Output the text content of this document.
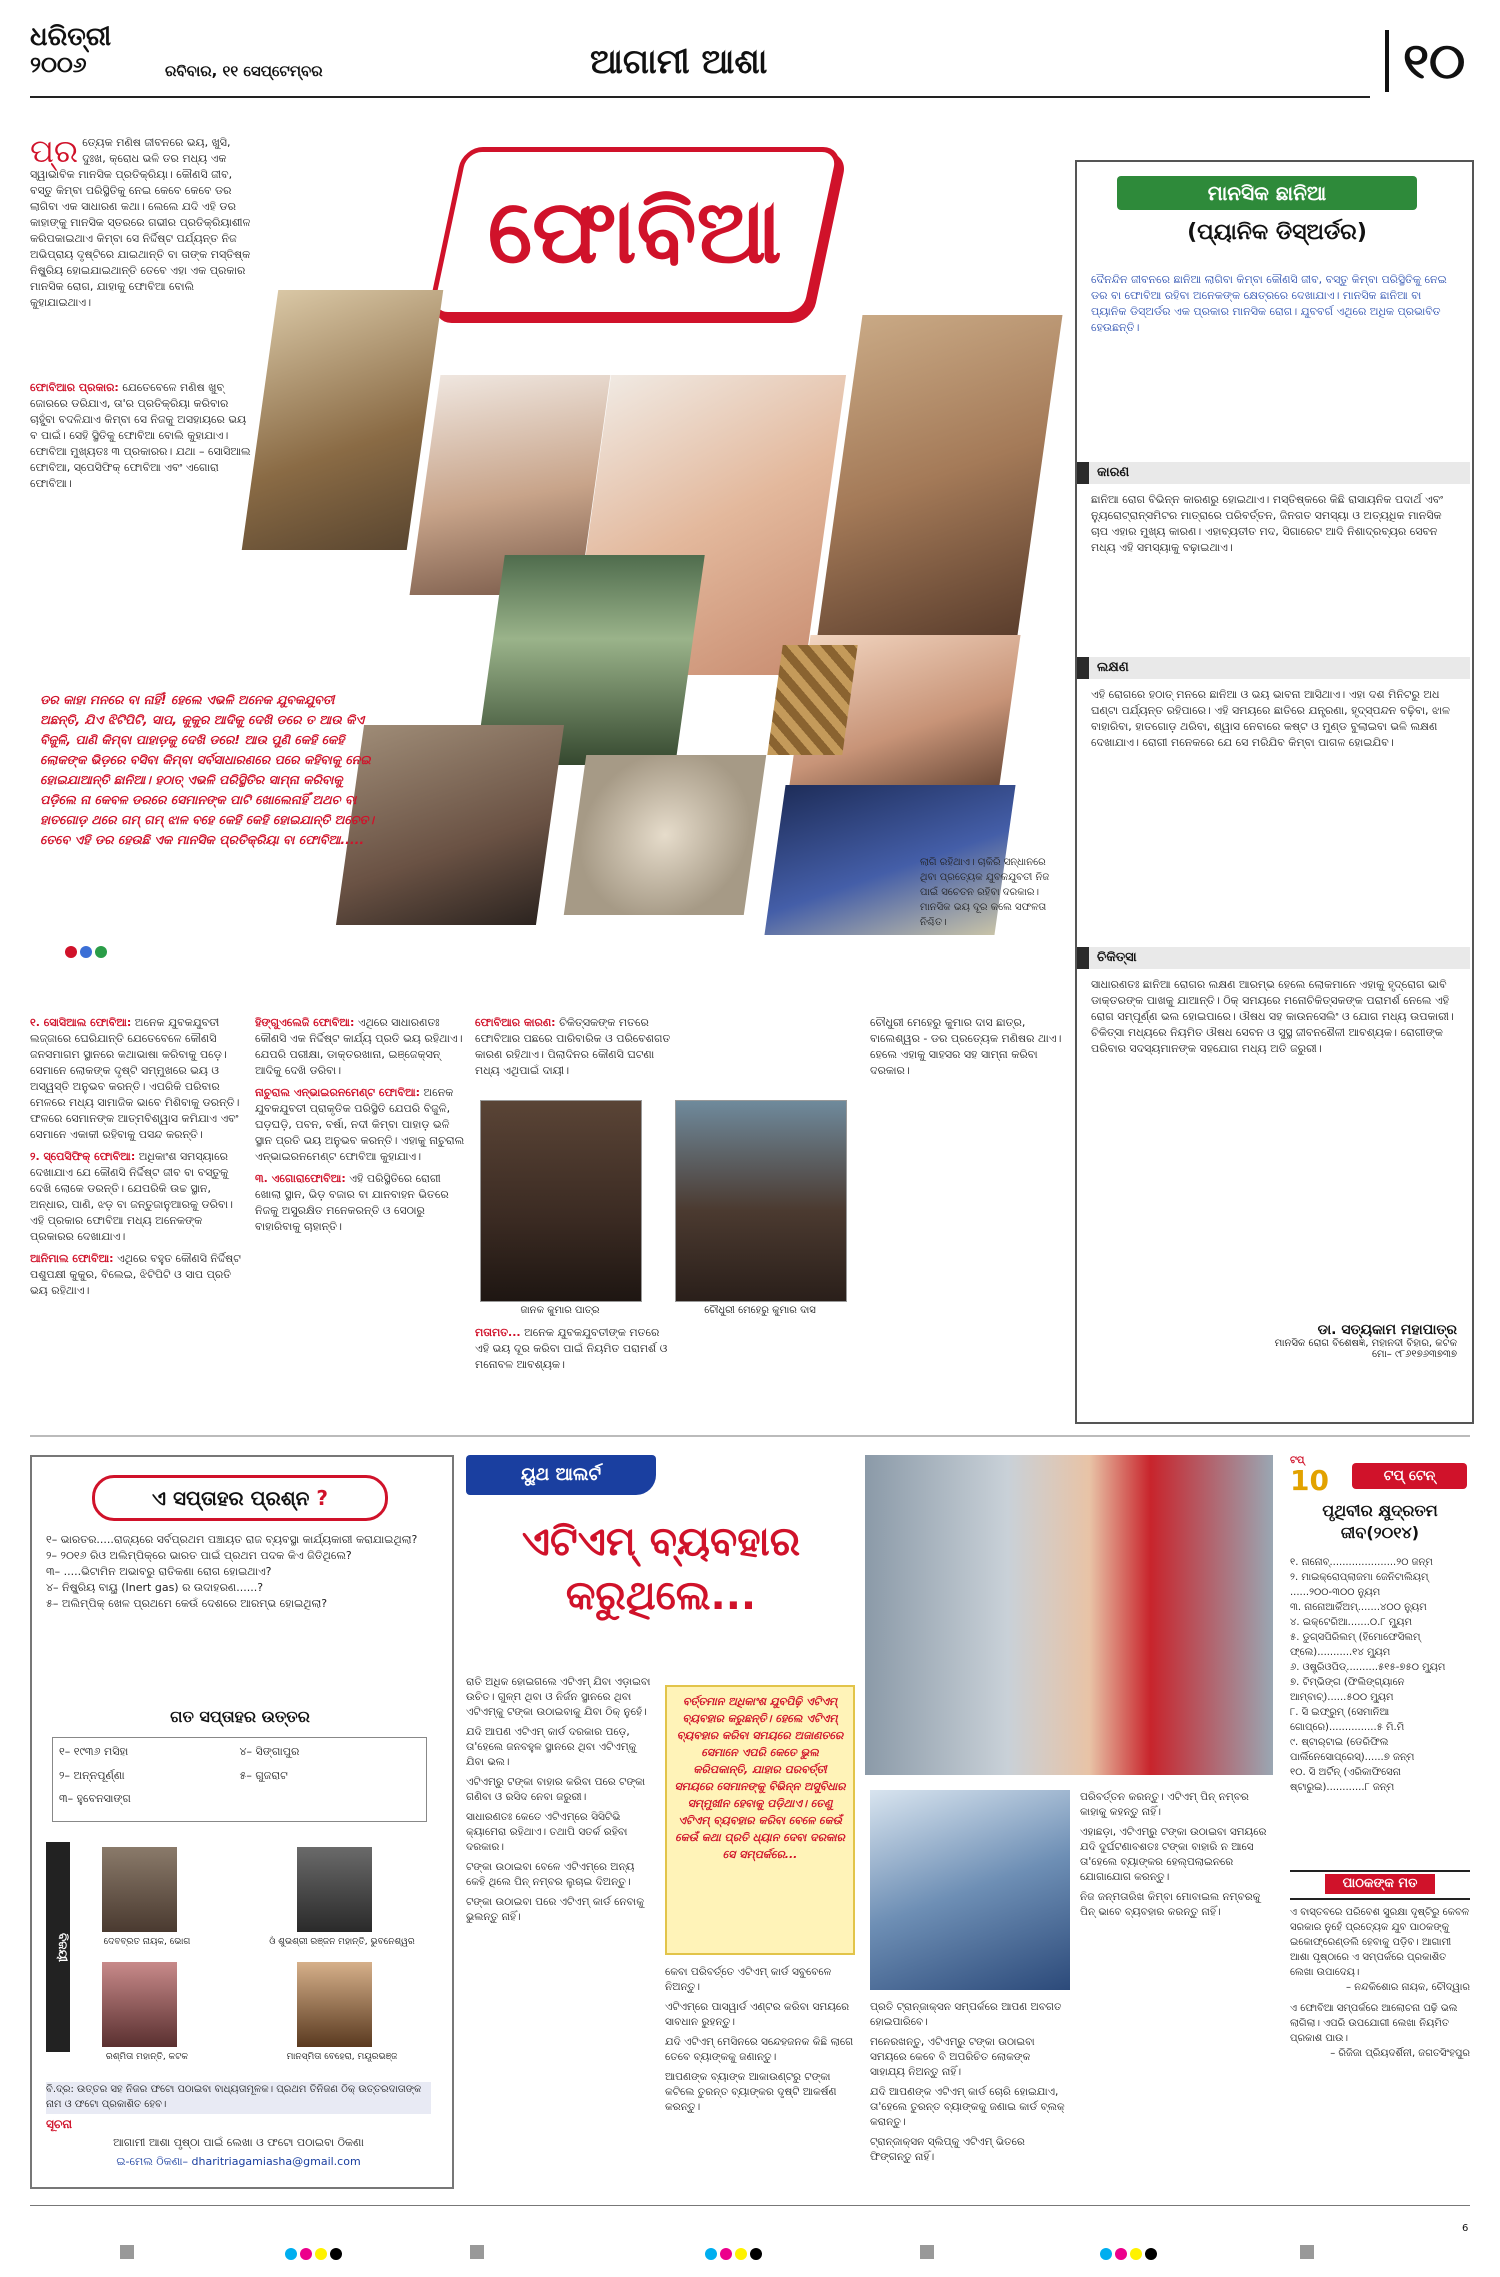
ଧରିତ୍ରୀ
୨୦୦୬	ରବିବାର, ୧୧ ସେପ୍ଟେମ୍ବର	ଆଗାମୀ ଆଶା	୧୦
ପ୍ର ତ୍ୟେକ ମଣିଷ ଜୀବନରେ ଭୟ, ଖୁସି, ଦୁଃଖ, କ୍ରୋଧ ଭଳି ତର ମଧ୍ୟ ଏକ ସ୍ୱାଭାବିକ ମାନସିକ ପ୍ରତିକ୍ରିୟା। କୌଣସି ଜୀବ, ବସ୍ତୁ କିମ୍ବା ପରିସ୍ଥିତିକୁ ନେଇ କେବେ କେବେ ଡର ଲାଗିବା ଏକ ସାଧାରଣ କଥା। ଲେଲେ ଯଦି ଏହି ଡର କାହାଙ୍କୁ ମାନସିକ ସ୍ତରରେ ଗଭୀର ପ୍ରତିକ୍ରିୟାଶୀଳ କରିପକାଇଥାଏ କିମ୍ବା ସେ ନିର୍ଦ୍ଦିଷ୍ଟ ପର୍ଯ୍ୟନ୍ତ ନିଜ ଅଭିପ୍ରାୟ ଦୃଷ୍ଟିରେ ଯାଇଥାନ୍ତି ବା ତାଙ୍କ ମସ୍ତିଷ୍କ ନିଷ୍କ୍ରିୟ ହୋଇଯାଇଥାନ୍ତି ତେବେ ଏହା ଏକ ପ୍ରକାର ମାନସିକ ରୋଗ, ଯାହାକୁ ଫୋବିଆ ବୋଲି କୁହାଯାଇଥାଏ।
ଫୋବିଆର ପ୍ରକାର: ଯେତେବେଳେ ମଣିଷ ଖୁବ୍ ଜୋରରେ ଡରିଯାଏ, ତା'ର ପ୍ରତିକ୍ରିୟା କରିବାର ଚାହୁଁବା ବଦଳିଯାଏ କିମ୍ବା ସେ ନିଜକୁ ଅସହାୟରେ ଭୟ ବ ପାଇଁ। ସେହି ସ୍ଥିତିକୁ ଫୋବିଆ ବୋଲି କୁହାଯାଏ। ଫୋବିଆ ମୁଖ୍ୟତଃ ୩ ପ୍ରକାରର। ଯଥା – ସୋସିଆଲ ଫୋବିଆ, ସ୍ପେସିଫିକ୍ ଫୋବିଆ ଏବଂ ଏଗୋରା ଫୋବିଆ।
ଫୋବିଆ
ଡର କାହା ମନରେ ବା ନାହିଁ! ହେଲେ ଏଭଳି ଅନେକ ଯୁବକଯୁବତୀ ଅଛନ୍ତି, ଯିଏ ଝିଟିପିଟି, ସାପ, କୁକୁର ଆଦିକୁ ଦେଖି ଡରେ ତ ଆଉ କିଏ ବିଜୁଳି, ପାଣି କିମ୍ବା ପାହାଡ଼କୁ ଦେଖି ଡରେ! ଆଉ ପୁଣି କେହି କେହି ଲୋକଙ୍କ ଭିଡ଼ରେ ବସିବା କିମ୍ବା ସର୍ବସାଧାରଣରେ ପରେ କହିବାକୁ ନେଇ ହୋଇଯାଆନ୍ତି ଛାନିଆ। ହଠାତ୍ ଏଭଳି ପରିସ୍ଥିତିର ସାମ୍ନା କରିବାକୁ ପଡ଼ିଲେ ନା କେବଳ ଡରରେ ସେମାନଙ୍କ ପାଟି ଖୋଲେନାହିଁ ଅଥଚ ବା ହାତଗୋଡ଼ ଥରେ ଗମ୍ ଗମ୍ ଝାଳ ବହେ କେହି କେହି ହୋଇଯାନ୍ତି ଅଚେତ। ତେବେ ଏହି ଡର ହେଉଛି ଏକ ମାନସିକ ପ୍ରତିକ୍ରିୟା ବା ଫୋବିଆ.....
ଲାଗି ରହିଥାଏ। ଚାକିରି ସନ୍ଧାନରେ ଥିବା ପ୍ରତ୍ୟେକ ଯୁବକଯୁବତୀ ନିଜ ପାଇଁ ସଚେତନ ରହିବା ଦରକାର। ମାନସିକ ଭୟ ଦୂର କଲେ ସଫଳତା ନିଶ୍ଚିତ।
୧. ସୋସିଆଲ ଫୋବିଆ: ଅନେକ ଯୁବକଯୁବତୀ ଲଜ୍ଜାରେ ଘେରିଯାନ୍ତି ଯେତେବେଳେ କୌଣସି ଜନସମାଗମ ସ୍ଥାନରେ କଥାଭାଷା କରିବାକୁ ପଡ଼େ। ସେମାନେ ଲୋକଙ୍କ ଦୃଷ୍ଟି ସମ୍ମୁଖରେ ଭୟ ଓ ଅସ୍ୱସ୍ତି ଅନୁଭବ କରନ୍ତି। ଏପରିକି ପରିବାର ମେଳରେ ମଧ୍ୟ ସାମାଜିକ ଭାବେ ମିଶିବାକୁ ଡରନ୍ତି। ଫଳରେ ସେମାନଙ୍କ ଆତ୍ମବିଶ୍ୱାସ କମିଯାଏ ଏବଂ ସେମାନେ ଏକାକୀ ରହିବାକୁ ପସନ୍ଦ କରନ୍ତି।
୨. ସ୍ପେସିଫିକ୍ ଫୋବିଆ: ଅଧିକାଂଶ ସମସ୍ୟାରେ ଦେଖାଯାଏ ଯେ କୌଣସି ନିର୍ଦ୍ଦିଷ୍ଟ ଜୀବ ବା ବସ୍ତୁକୁ ଦେଖି ଲୋକେ ଡରନ୍ତି। ଯେପରିକି ଉଚ୍ଚ ସ୍ଥାନ, ଅନ୍ଧାର, ପାଣି, ଝଡ଼ ବା ଜନ୍ତୁଜାନୁଆରକୁ ଡରିବା। ଏହି ପ୍ରକାର ଫୋବିଆ ମଧ୍ୟ ଅନେକଙ୍କ ପ୍ରକାରର ଦେଖାଯାଏ।
ଆନିମାଲ ଫୋବିଆ: ଏଥିରେ ବହୁତ କୌଣସି ନିର୍ଦ୍ଦିଷ୍ଟ ପଶୁପକ୍ଷୀ କୁକୁର, ବିଲେଇ, ଝିଟିପିଟି ଓ ସାପ ପ୍ରତି ଭୟ ରହିଥାଏ।
ହିଙ୍ଗୁଏଲେଜି ଫୋବିଆ: ଏଥିରେ ସାଧାରଣତଃ କୌଣସି ଏକ ନିର୍ଦ୍ଦିଷ୍ଟ କାର୍ଯ୍ୟ ପ୍ରତି ଭୟ ରହିଥାଏ। ଯେପରି ପରୀକ୍ଷା, ଡାକ୍ତରଖାନା, ଇଞ୍ଜେକ୍ସନ୍ ଆଦିକୁ ଦେଖି ଡରିବା।
ନାଚୁରାଲ ଏନ୍‌ଭାଇରନମେଣ୍ଟ ଫୋବିଆ: ଅନେକ ଯୁବକଯୁବତୀ ପ୍ରାକୃତିକ ପରିସ୍ଥିତି ଯେପରି ବିଜୁଳି, ଘଡ଼ଘଡ଼ି, ପବନ, ବର୍ଷା, ନଦୀ କିମ୍ବା ପାହାଡ଼ ଭଳି ସ୍ଥାନ ପ୍ରତି ଭୟ ଅନୁଭବ କରନ୍ତି। ଏହାକୁ ନାଚୁରାଲ ଏନ୍‌ଭାଇରନମେଣ୍ଟ ଫୋବିଆ କୁହାଯାଏ।
୩. ଏଗୋରାଫୋବିଆ: ଏହି ପରିସ୍ଥିତିରେ ରୋଗୀ ଖୋଲା ସ୍ଥାନ, ଭିଡ଼ ବଜାର ବା ଯାନବାହନ ଭିତରେ ନିଜକୁ ଅସୁରକ୍ଷିତ ମନେକରନ୍ତି ଓ ସେଠାରୁ ବାହାରିବାକୁ ଚାହାନ୍ତି।
ଫୋବିଆର କାରଣ: ଚିକିତ୍ସକଙ୍କ ମତରେ ଫୋବିଆର ପଛରେ ପାରିବାରିକ ଓ ପରିବେଶଗତ କାରଣ ରହିଥାଏ। ପିଲାଦିନର କୌଣସି ଘଟଣା ମଧ୍ୟ ଏଥିପାଇଁ ଦାୟୀ।
ଜାନକ କୁମାର ପାତ୍ର	ଚୌଧୁରୀ ମେହେରୁ କୁମାର ଦାସ
ମତାମତ... ଅନେକ ଯୁବକଯୁବତୀଙ୍କ ମତରେ ଏହି ଭୟ ଦୂର କରିବା ପାଇଁ ନିୟମିତ ପରାମର୍ଶ ଓ ମନୋବଳ ଆବଶ୍ୟକ।
ଚୌଧୁରୀ ମେହେରୁ କୁମାର ଦାସ ଛାତ୍ର, ବାଲେଶ୍ୱର - ଡର ପ୍ରତ୍ୟେକ ମଣିଷର ଥାଏ। ହେଲେ ଏହାକୁ ସାହସର ସହ ସାମ୍ନା କରିବା ଦରକାର।
ମାନସିକ ଛାନିଆ
(ପ୍ୟାନିକ ଡିସ୍‌ଅର୍ଡର)
ଦୈନନ୍ଦିନ ଜୀବନରେ ଛାନିଆ ଲାଗିବା କିମ୍ବା କୌଣସି ଜୀବ, ବସ୍ତୁ କିମ୍ବା ପରିସ୍ଥିତିକୁ ନେଇ ଡର ବା ଫୋବିଆ ରହିବା ଅନେକଙ୍କ କ୍ଷେତ୍ରରେ ଦେଖାଯାଏ। ମାନସିକ ଛାନିଆ ବା ପ୍ୟାନିକ ଡିସ୍‌ଅର୍ଡର ଏକ ପ୍ରକାର ମାନସିକ ରୋଗ। ଯୁବବର୍ଗ ଏଥିରେ ଅଧିକ ପ୍ରଭାବିତ ହେଉଛନ୍ତି।
କାରଣ
ଛାନିଆ ରୋଗ ବିଭିନ୍ନ କାରଣରୁ ହୋଇଥାଏ। ମସ୍ତିଷ୍କରେ କିଛି ରାସାୟନିକ ପଦାର୍ଥ ଏବଂ ନ୍ୟୁରୋଟ୍ରାନ୍ସମିଟର ମାତ୍ରାରେ ପରିବର୍ତ୍ତନ, ଜିନଗତ ସମସ୍ୟା ଓ ଅତ୍ୟଧିକ ମାନସିକ ଚାପ ଏହାର ମୁଖ୍ୟ କାରଣ। ଏହାବ୍ୟତୀତ ମଦ, ସିଗାରେଟ ଆଦି ନିଶାଦ୍ରବ୍ୟର ସେବନ ମଧ୍ୟ ଏହି ସମସ୍ୟାକୁ ବଢ଼ାଇଥାଏ।
ଲକ୍ଷଣ
ଏହି ରୋଗରେ ହଠାତ୍ ମନରେ ଛାନିଆ ଓ ଭୟ ଭାବନା ଆସିଥାଏ। ଏହା ଦଶ ମିନିଟରୁ ଅଧ ଘଣ୍ଟା ପର୍ଯ୍ୟନ୍ତ ରହିପାରେ। ଏହି ସମୟରେ ଛାତିରେ ଯନ୍ତ୍ରଣା, ହୃଦ୍‌ସ୍ପନ୍ଦନ ବଢ଼ିବା, ଝାଳ ବାହାରିବା, ହାତଗୋଡ଼ ଥରିବା, ଶ୍ୱାସ ନେବାରେ କଷ୍ଟ ଓ ମୁଣ୍ଡ ବୁଲାଇବା ଭଳି ଲକ୍ଷଣ ଦେଖାଯାଏ। ରୋଗୀ ମନେକରେ ଯେ ସେ ମରିଯିବ କିମ୍ବା ପାଗଳ ହୋଇଯିବ।
ଚିକିତ୍ସା
ସାଧାରଣତଃ ଛାନିଆ ରୋଗର ଲକ୍ଷଣ ଆରମ୍ଭ ହେଲେ ଲୋକମାନେ ଏହାକୁ ହୃଦ୍‌ରୋଗ ଭାବି ଡାକ୍ତରଙ୍କ ପାଖକୁ ଯାଆନ୍ତି। ଠିକ୍ ସମୟରେ ମନୋଚିକିତ୍ସକଙ୍କ ପରାମର୍ଶ ନେଲେ ଏହି ରୋଗ ସମ୍ପୂର୍ଣ୍ଣ ଭଲ ହୋଇପାରେ। ଔଷଧ ସହ କାଉନସେଲିଂ ଓ ଯୋଗ ମଧ୍ୟ ଉପକାରୀ। ଚିକିତ୍ସା ମଧ୍ୟରେ ନିୟମିତ ଔଷଧ ସେବନ ଓ ସୁସ୍ଥ ଜୀବନଶୈଳୀ ଆବଶ୍ୟକ। ରୋଗୀଙ୍କ ପରିବାର ସଦସ୍ୟମାନଙ୍କ ସହଯୋଗ ମଧ୍ୟ ଅତି ଜରୁରୀ।
ଡା. ସତ୍ୟକାମ ମହାପାତ୍ର
ମାନସିକ ରୋଗ ବିଶେଷଜ୍ଞ, ମହାନଦୀ ବିହାର, କଟକ
ମୋ– ୯୮୬୧୭୬୩୭୩୭
ଏ ସପ୍ତାହର ପ୍ରଶ୍ନ ?
୧– ଭାରତର.....ରାଜ୍ୟରେ ସର୍ବପ୍ରଥମ ପଞ୍ଚାୟତ ରାଜ ବ୍ୟବସ୍ଥା କାର୍ଯ୍ୟକାରୀ କରାଯାଇଥିଲା?
୨– ୨୦୧୬ ରିଓ ଅଲିମ୍ପିକ୍‌ରେ ଭାରତ ପାଇଁ ପ୍ରଥମ ପଦକ କିଏ ଜିତିଥିଲେ?
୩– .....ଭିଟାମିନ ଅଭାବରୁ ରାତିକଣା ରୋଗ ହୋଇଥାଏ?
୪– ନିଷ୍କ୍ରିୟ ବାୟୁ (Inert gas) ର ଉଦାହରଣ......?
୫– ଅଲିମ୍ପିକ୍ ଖେଳ ପ୍ରଥମେ କେଉଁ ଦେଶରେ ଆରମ୍ଭ ହୋଇଥିଲା?
ଗତ ସପ୍ତାହର ଉତ୍ତର
୧– ୧୯୩୬ ମସିହା	୪– ସିଙ୍ଗାପୁର
୨– ଅନ୍ନପୂର୍ଣ୍ଣା	୫– ଗୁଜରାଟ
୩– ହୁବେନସାଙ୍ଗ
ବିଜୟୀ	ଦେବବ୍ରତ ନାୟକ, ଭୋଗ	ଓଁ ଶୁଭଶ୍ରୀ ରଞ୍ଜନ ମହାନ୍ତି, ଭୁବନେଶ୍ୱର
ରଶ୍ମିତା ମହାନ୍ତି, କଟକ	ମାନସ୍ମିତା ବେହେରା, ମୟୂରଭଞ୍ଜ
ବି.ଦ୍ର: ଉତ୍ତର ସହ ନିଜର ଫଟୋ ପଠାଇବା ବାଧ୍ୟତାମୂଳକ। ପ୍ରଥମ ତିନିଜଣ ଠିକ୍ ଉତ୍ତରଦାତାଙ୍କ ନାମ ଓ ଫଟୋ ପ୍ରକାଶିତ ହେବ।
ସୂଚନା
ଆଗାମୀ ଆଶା ପୃଷ୍ଠା ପାଇଁ ଲେଖା ଓ ଫଟୋ ପଠାଇବା ଠିକଣା
ଇ-ମେଲ ଠିକଣା– dharitriagamiasha@gmail.com
ୟୁଥ ଆଲର୍ଟ
ଏଟିଏମ୍ ବ୍ୟବହାର
କରୁଥିଲେ...
ରାତି ଅଧିକ ହୋଇଗଲେ ଏଟିଏମ୍ ଯିବା ଏଡ଼ାଇବା ଉଚିତ। ଗୁଳ୍ମ ଥିବା ଓ ନିର୍ଜନ ସ୍ଥାନରେ ଥିବା ଏଟିଏମ୍‌କୁ ଟଙ୍କା ଉଠାଇବାକୁ ଯିବା ଠିକ୍ ନୁହେଁ।
ଯଦି ଆପଣ ଏଟିଏମ୍ କାର୍ଡ ଦରକାର ପଡ଼େ, ତା'ହେଲେ ଜନବହୁଳ ସ୍ଥାନରେ ଥିବା ଏଟିଏମ୍‌କୁ ଯିବା ଭଲ।
ଏଟିଏମ୍‌ରୁ ଟଙ୍କା ବାହାର କରିବା ପରେ ଟଙ୍କା ଗଣିବା ଓ ରସିଦ ନେବା ଜରୁରୀ।
ସାଧାରଣତଃ କେତେ ଏଟିଏମ୍‌ରେ ସିସିଟିଭି କ୍ୟାମେରା ରହିଥାଏ। ତଥାପି ସତର୍କ ରହିବା ଦରକାର।
ଟଙ୍କା ଉଠାଇବା ବେଳେ ଏଟିଏମ୍‌ରେ ଅନ୍ୟ କେହି ଥିଲେ ପିନ୍ ନମ୍ବର ଲୁଚାଇ ଦିଅନ୍ତୁ।
ଟଙ୍କା ଉଠାଇବା ପରେ ଏଟିଏମ୍ କାର୍ଡ ନେବାକୁ ଭୁଲନ୍ତୁ ନାହିଁ।
ବର୍ତ୍ତମାନ ଅଧିକାଂଶ ଯୁବପିଢ଼ି ଏଟିଏମ୍ ବ୍ୟବହାର କରୁଛନ୍ତି। ହେଲେ ଏଟିଏମ୍ ବ୍ୟବହାର କରିବା ସମୟରେ ଅଜାଣତରେ ସେମାନେ ଏପରି କେତେ ଭୁଲ କରିପକାନ୍ତି, ଯାହାର ପରବର୍ତ୍ତୀ ସମୟରେ ସେମାନଙ୍କୁ ବିଭିନ୍ନ ଅସୁବିଧାର ସମ୍ମୁଖୀନ ହେବାକୁ ପଡ଼ିଥାଏ। ତେଣୁ ଏଟିଏମ୍ ବ୍ୟବହାର କରିବା ବେଳେ କେଉଁ କେଉଁ କଥା ପ୍ରତି ଧ୍ୟାନ ଦେବା ଦରକାର ସେ ସମ୍ପର୍କରେ...
କେବା ପରିବର୍ତ୍ତେ ଏଟିଏମ୍ କାର୍ଡ ସବୁବେଳେ ନିଅନ୍ତୁ।
ଏଟିଏମ୍‌ରେ ପାସୱାର୍ଡ ଏଣ୍ଟର କରିବା ସମୟରେ ସାବଧାନ ରୁହନ୍ତୁ।
ଯଦି ଏଟିଏମ୍ ମେସିନରେ ସନ୍ଦେହଜନକ କିଛି ଲାଗେ ତେବେ ବ୍ୟାଙ୍କକୁ ଜଣାନ୍ତୁ।
ଆପଣଙ୍କ ବ୍ୟାଙ୍କ ଆକାଉଣ୍ଟରୁ ଟଙ୍କା କଟିଲେ ତୁରନ୍ତ ବ୍ୟାଙ୍କର ଦୃଷ୍ଟି ଆକର୍ଷଣ କରନ୍ତୁ।
ପ୍ରତି ଟ୍ରାନ୍ଜାକ୍ସନ ସମ୍ପର୍କରେ ଆପଣ ଅବଗତ ହୋଇପାରିବେ।
ମନେରଖନ୍ତୁ, ଏଟିଏମ୍‌ରୁ ଟଙ୍କା ଉଠାଇବା ସମୟରେ କେବେ ବି ଅପରିଚିତ ଲୋକଙ୍କ ସାହାଯ୍ୟ ନିଅନ୍ତୁ ନାହିଁ।
ଯଦି ଆପଣଙ୍କ ଏଟିଏମ୍ କାର୍ଡ ଚୋରି ହୋଇଯାଏ, ତା'ହେଲେ ତୁରନ୍ତ ବ୍ୟାଙ୍କକୁ ଜଣାଇ କାର୍ଡ ବ୍ଲକ୍ କରାନ୍ତୁ।
ଟ୍ରାନ୍ଜାକ୍ସନ ସ୍ଲିପ୍‌କୁ ଏଟିଏମ୍ ଭିତରେ ଫିଙ୍ଗନ୍ତୁ ନାହିଁ।
ପରିବର୍ତ୍ତନ କରନ୍ତୁ। ଏଟିଏମ୍ ପିନ୍ ନମ୍ବର କାହାକୁ କହନ୍ତୁ ନାହିଁ।
ଏହାଛଡ଼ା, ଏଟିଏମ୍‌ରୁ ଟଙ୍କା ଉଠାଇବା ସମୟରେ ଯଦି ଦୁର୍ଘଟଣାବଶତଃ ଟଙ୍କା ବାହାରି ନ ଆସେ ତା'ହେଲେ ବ୍ୟାଙ୍କର ହେଲ୍ପଲାଇନରେ ଯୋଗାଯୋଗ କରନ୍ତୁ।
ନିଜ ଜନ୍ମତାରିଖ କିମ୍ବା ମୋବାଇଲ ନମ୍ବରକୁ ପିନ୍ ଭାବେ ବ୍ୟବହାର କରନ୍ତୁ ନାହିଁ।
ଟପ୍
10	ଟପ୍ ଟେନ୍
ପୃଥିବୀର କ୍ଷୁଦ୍ରତମ ଜୀବ(୨୦୧୪)
୧. ନାନୋବ୍.....................୨୦ ଜନ୍‌ମ
୨. ମାଇକ୍ରୋପ୍ଲାଜମା ଜେନିଟାଲିୟମ୍ ......୨୦୦-୩୦୦ ନ୍ୟୁମ
୩. ନାନୋଆର୍କିଅମ୍.......୪୦୦ ନ୍ୟୁମ
୪. ଇକ୍ଟେରିଆ.......୦.୮ ମ୍ୟୁମ
୫. ଡୁଗ୍ସପିରିଲମ୍ (ହିମୋଫେସିଲମ୍ ଫ୍ଲେ)...........୧୪ ମ୍ୟୁମ
୬. ଓଷ୍ଟ୍ରିଓପିଡ୍..........୫୧୫-୭୫୦ ମ୍ୟୁମ
୭. ଟିମ୍ଭିଙ୍ଗ (ଫିଲିଙ୍ଗ୍ୟାନେ ଆମ୍ବାଚ୍)......୫୦୦ ମ୍ୟୁମ
୮. ସି ଇଫ୍‌ରୁମ୍ (ସେମାନିଆ ଗୋପ୍ରେ)...............୫ ମି.ମି
୯. ଷ୍ଟାର୍‌ଟାଇ (ଡେରିଫିଲ ପାର୍ଲିନେସୋପ୍ରେସ୍)......୭ ଜନ୍‌ମ
୧୦. ସି ଅର୍ଟିନ୍ (ଏରିକାଫିସେନା ଷ୍ଟାରୁଇ)............୮ ଜନ୍‌ମ
ପାଠକଙ୍କ ମତ
ଏ ବାସ୍ତବରେ ପରିବେଶ ସୁରକ୍ଷା ଦୃଷ୍ଟିରୁ କେବଳ ସରକାର ନୁହେଁ ପ୍ରତ୍ୟେକ ଯୁବ ପାଠକଙ୍କୁ ଇକୋଫ୍ରେଣ୍ଡଲି ହେବାକୁ ପଡ଼ିବ। ଆଗାମୀ ଆଶା ପୃଷ୍ଠାରେ ଏ ସମ୍ପର୍କରେ ପ୍ରକାଶିତ ଲେଖା ଉପାଦେୟ।
– ନନ୍ଦକିଶୋର ନାୟକ, ଚୌଦ୍ୱାର
ଏ ଫୋବିଆ ସମ୍ପର୍କରେ ଆଲୋଚନା ପଢ଼ି ଭଲ ଲାଗିଲା। ଏପରି ଉପଯୋଗୀ ଲେଖା ନିୟମିତ ପ୍ରକାଶ ପାଉ।
– ରିଜିଜା ପ୍ରିୟଦର୍ଶିନୀ, ଜଗତସିଂହପୁର
6
